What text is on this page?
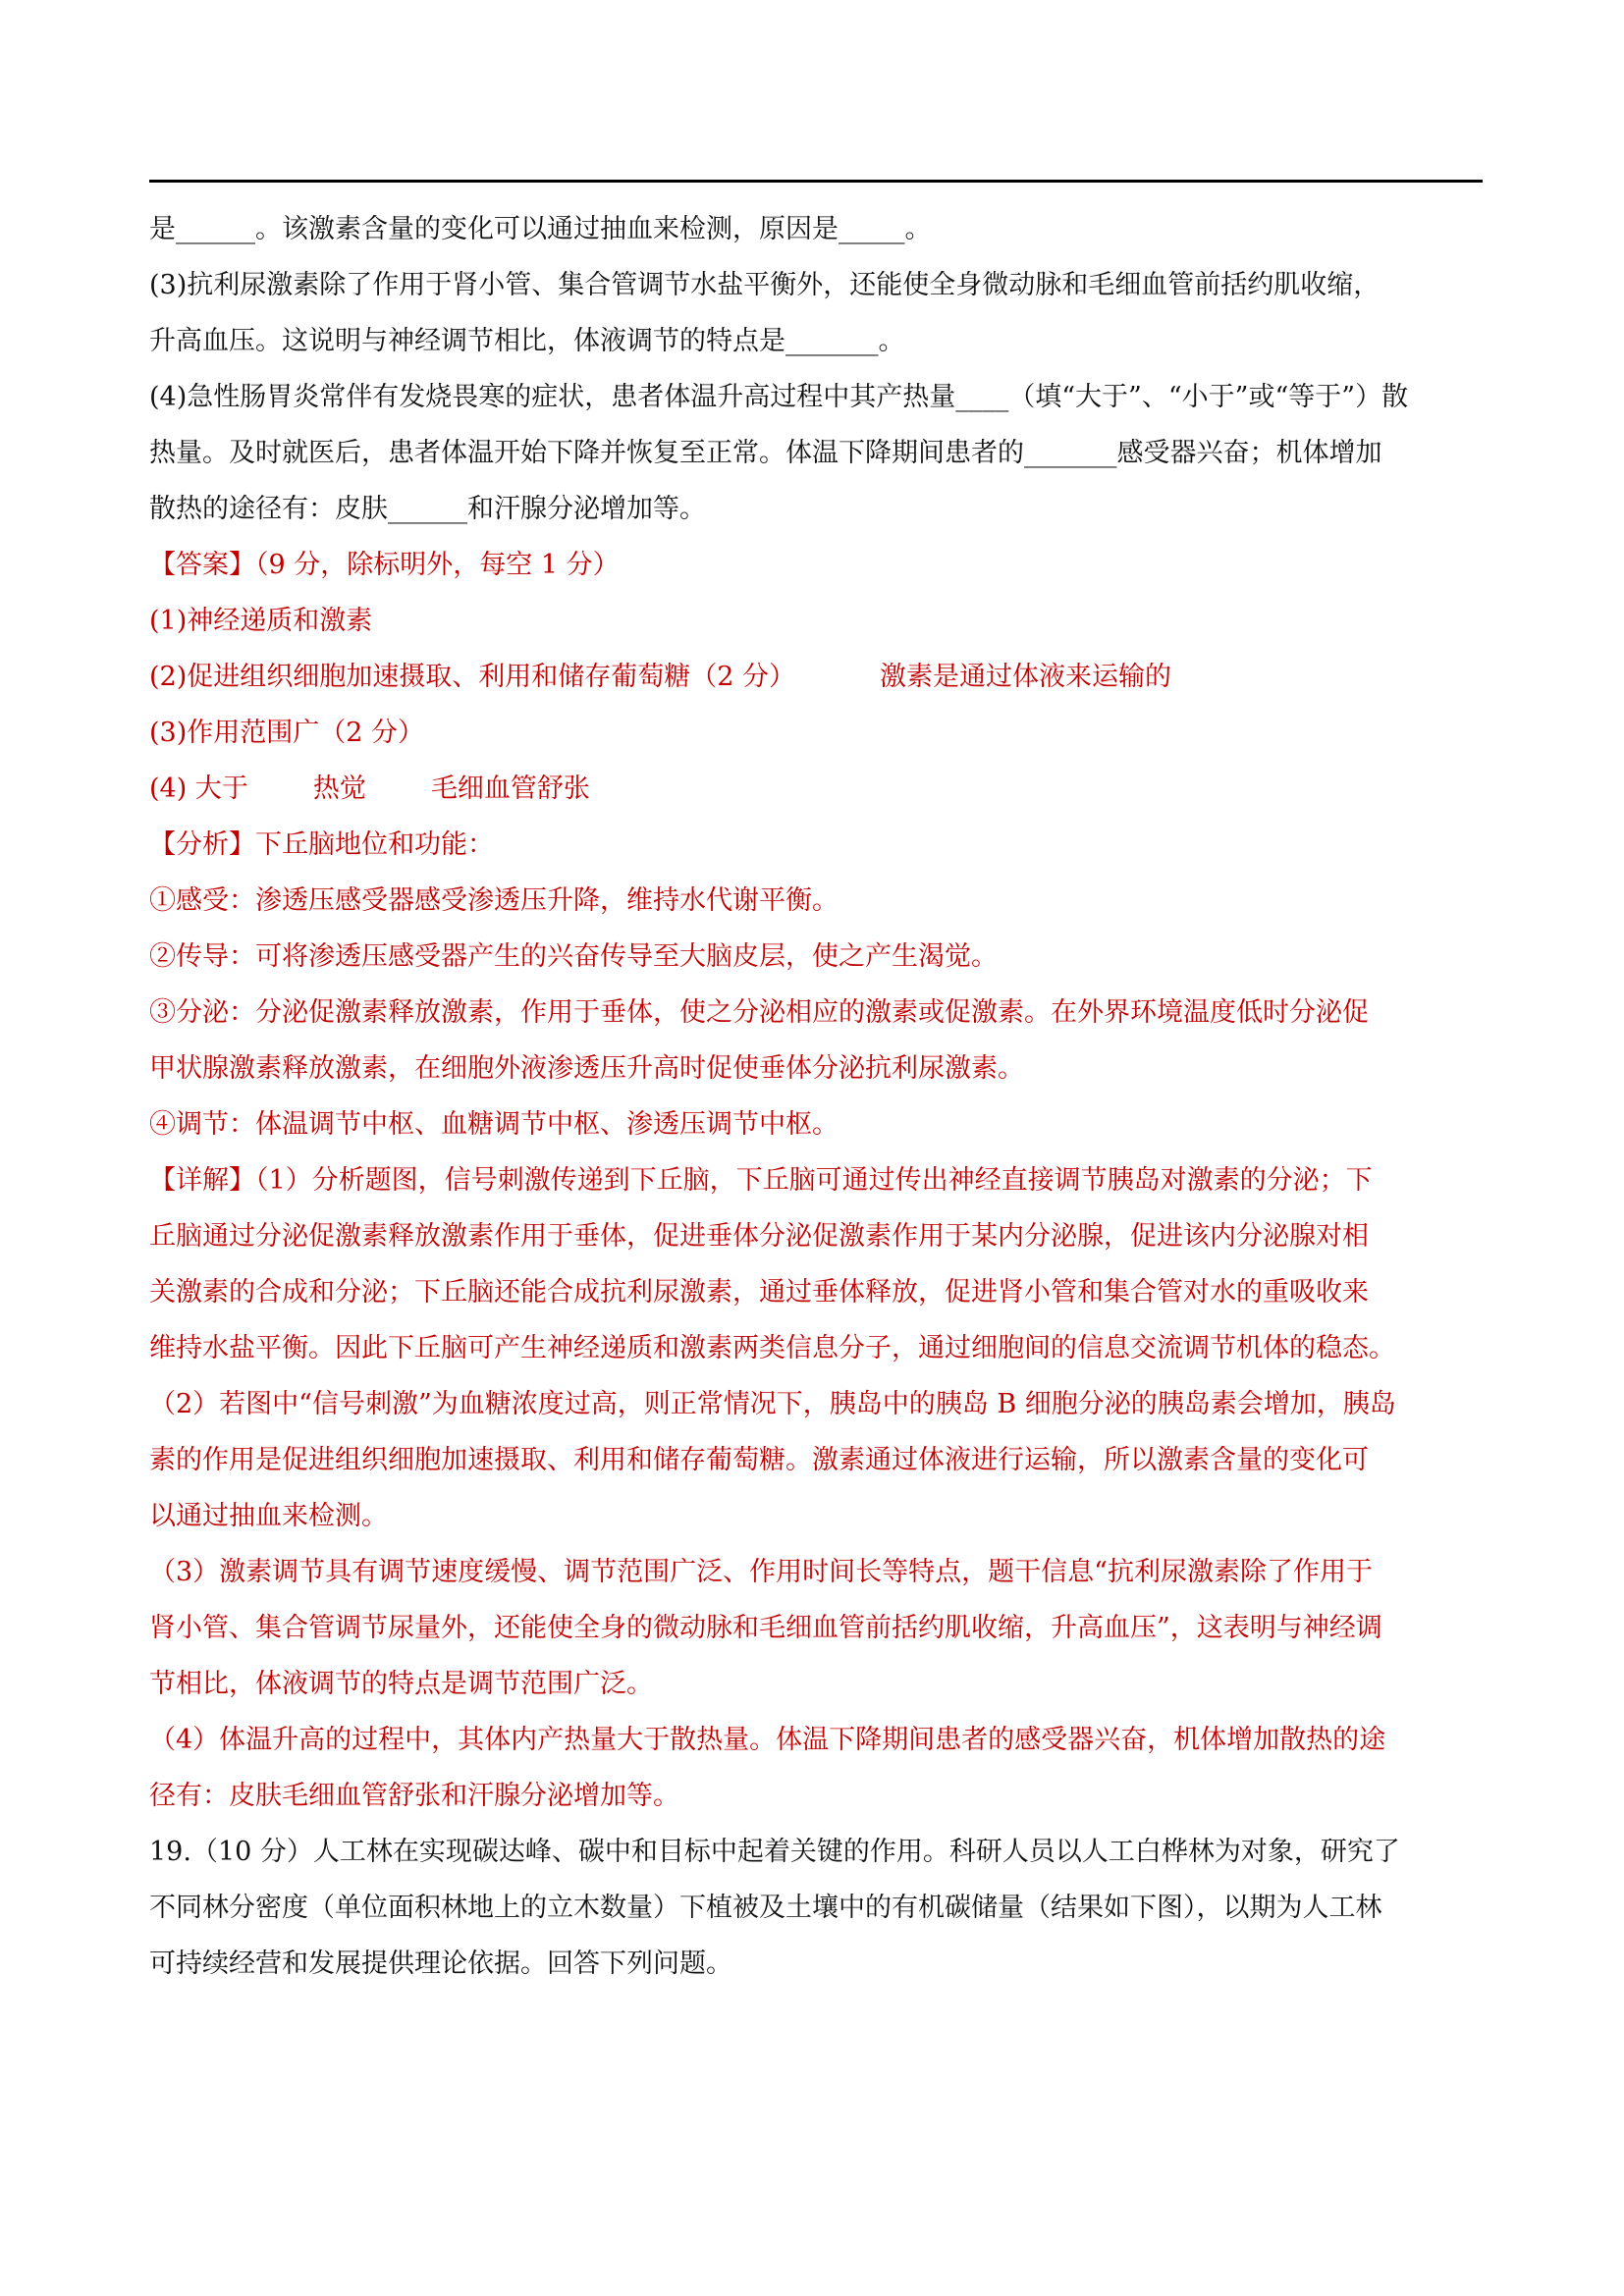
是______。该激素含量的变化可以通过抽血来检测，原因是_____。
(3)抗利尿激素除了作用于肾小管、集合管调节水盐平衡外，还能使全身微动脉和毛细血管前括约肌收缩，
升高血压。这说明与神经调节相比，体液调节的特点是_______。
(4)急性肠胃炎常伴有发烧畏寒的症状，患者体温升高过程中其产热量____（填“大于”、“小于”或“等于”）散
热量。及时就医后，患者体温开始下降并恢复至正常。体温下降期间患者的_______感受器兴奋；机体增加
散热的途径有：皮肤______和汗腺分泌增加等。
【答案】（9 分，除标明外，每空 1 分）
(1)神经递质和激素
(2)促进组织细胞加速摄取、利用和储存葡萄糖（2 分）	激素是通过体液来运输的
(3)作用范围广（2 分）
(4) 大于 热觉 毛细血管舒张
【分析】下丘脑地位和功能：
①感受：渗透压感受器感受渗透压升降，维持水代谢平衡。
②传导：可将渗透压感受器产生的兴奋传导至大脑皮层，使之产生渴觉。
③分泌：分泌促激素释放激素，作用于垂体，使之分泌相应的激素或促激素。在外界环境温度低时分泌促
甲状腺激素释放激素，在细胞外液渗透压升高时促使垂体分泌抗利尿激素。
④调节：体温调节中枢、血糖调节中枢、渗透压调节中枢。
【详解】（1）分析题图，信号刺激传递到下丘脑，下丘脑可通过传出神经直接调节胰岛对激素的分泌；下
丘脑通过分泌促激素释放激素作用于垂体，促进垂体分泌促激素作用于某内分泌腺，促进该内分泌腺对相
关激素的合成和分泌；下丘脑还能合成抗利尿激素，通过垂体释放，促进肾小管和集合管对水的重吸收来
维持水盐平衡。因此下丘脑可产生神经递质和激素两类信息分子，通过细胞间的信息交流调节机体的稳态。
（2）若图中“信号刺激”为血糖浓度过高，则正常情况下，胰岛中的胰岛 B 细胞分泌的胰岛素会增加，胰岛
素的作用是促进组织细胞加速摄取、利用和储存葡萄糖。激素通过体液进行运输，所以激素含量的变化可
以通过抽血来检测。
（3）激素调节具有调节速度缓慢、调节范围广泛、作用时间长等特点，题干信息“抗利尿激素除了作用于
肾小管、集合管调节尿量外，还能使全身的微动脉和毛细血管前括约肌收缩，升高血压”，这表明与神经调
节相比，体液调节的特点是调节范围广泛。
（4）体温升高的过程中，其体内产热量大于散热量。体温下降期间患者的感受器兴奋，机体增加散热的途
径有：皮肤毛细血管舒张和汗腺分泌增加等。
19.（10 分）人工林在实现碳达峰、碳中和目标中起着关键的作用。科研人员以人工白桦林为对象，研究了
不同林分密度（单位面积林地上的立木数量）下植被及土壤中的有机碳储量（结果如下图），以期为人工林
可持续经营和发展提供理论依据。回答下列问题。
